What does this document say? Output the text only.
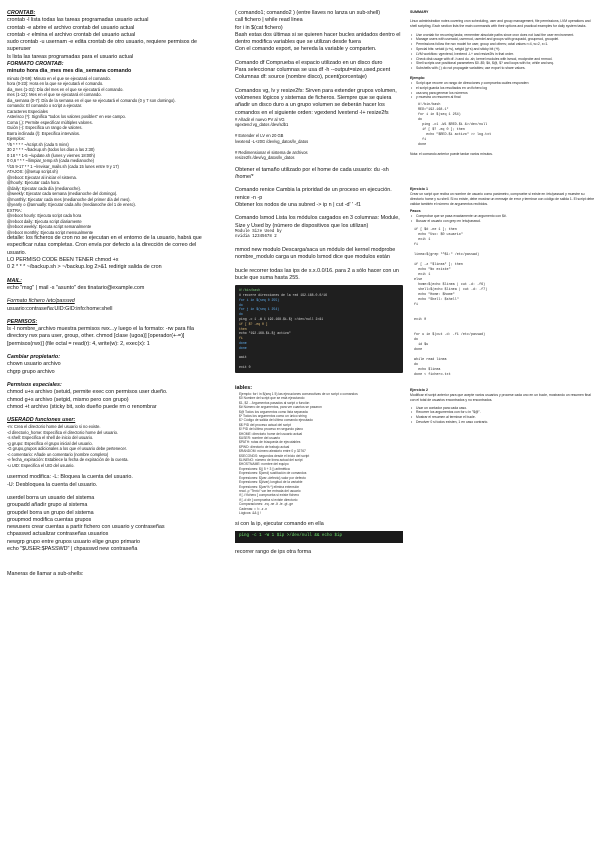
CRONTAB:
crontab -l lista todas las tareas programadas usuario actual
crontab -e abrire el archivo crontab del usuario actual
crontab -r elmina el archivo crontab del usuario actual
sudo crontab -u usernam -e edita crontab de otro usuario, requiere permisos de superuser
ls lista las tareas programadas para el usuario actual
FORMATO CRONTAB:
minuto hora dia_mes mes dia_semana comando
minuto (0-59): Minuto en el que se ejecutará el comando.
hora (0-23): Hora en la que se ejecutará el comando.
dia_mes (1-31): Día del mes en el que se ejecutará el comando.
mes (1-12): Mes en el que se ejecutará el comando.
dia_semana (0-7): Día de la semana en el que se ejecutará el comando (0 y 7 son domingo).
comando: El comando o script a ejecutar.
Caracteres Especiales
Asterisco (*): Significa "todos los valores posibles" en ese campo.
Coma (,): Permite especificar múltiples valores.
Guión (-): Especifica un rango de valores.
Barra inclinada (/): Especifica intervalos.
Ejemplos:
*/5 * * * * ~/script.sh (cada 5 mins)
30 2 * * * ~/backup.sh (todos los días a las 2:30)
0 18 * * 1-5 ~/update.sh (lunes y viernes 18:00h)
0 0,6 * * * ~/limpiar_temp.sh (cada medianoche)
*/15 9-17 * * 1 ~/revisar_mails.sh (cada 15 lunes entre 9 y 17)
ATAJOS: (@setup script.sh)
@reboot: Ejecutar al iniciar el sistema.
@hourly: Ejecutar cada hora.
@daily: Ejecutar cada día (medianoche).
@weekly: Ejecutar cada semana (medianoche del domingo).
@monthly: Ejecutar cada mes (medianoche del primer día del mes).
@yearly o @annually: Ejecutar cada año (medianoche del 1 de enero).
EXTRA:
@reboot hourly: Ejecuta script cada hora
@reboot daily: Ejecuta script diariamente
@reboot weekly: Ejecuta script semanalmente
@reboot monthly: Ejecuta script mensualmente
detalle: los ficheros de cron no se ejecutan en el entorno de la usuario, habrá que especificar rutas completas. Cron envía por defecto a la dirección de correo del usuario.
LO PERMISO CODE BEEN TENER chmod +x
0 2 * * * ~/backup.sh > ~/backup.log 2>&1 redirigir salida de cron
MAIL:
echo "msg" | mail -s "asunto" des tinatario@example.com
Formato fichero /etc/passwd
usuario:contraseña:UID:GID:info:home:shell
PERMISOS:
ls -l nombre_archivo muestra permisos rwx...y luego el la formato: -rw para fila directory rwx para user, group, other. chmod [clase (ugoa)] [operador(+-=)] [permisos(rwx)] (file octal = read(r): 4, write(w): 2, exec(x): 1
Cambiar propietario:
chown usuario archivo
chgrp grupo archivo
Permisos especiales:
chmod u+s archivo (setuid, permite exec con permisos user dueño.
chmod g+s archivo (setgid, mismo pero con grupo)
chmod +t archivo (sticky bit, solo dueño puede rm o renombrar
USERADD funciones user:
-m: Crea el directorio home del usuario si no existe.
-d directorio_home: Especifica el directorio home del usuario.
-s shell: Especifica el shell de inicio del usuario.
-g grupo: Especifica el grupo inicial del usuario.
-G grupo,grupos adicionales a los que el usuario debe pertenecer.
-c comentario: Añade un comentario (nombre completo)
-e fecha_expiración: Establece la fecha de expiración de la cuenta.
-u UID: Especifica el UID del usuario.
usermod modifica: -L: Bloquea la cuenta del usuario.
-U: Desbloquea la cuenta del usuario.
userdel borra un usuario del sistema
groupadd añadir grupo al sistema
groupdel borra un grupo del sistema
groupmod modifica cuentas grupos
newusers crear cuentas a partir fichero con usuario y contraseñas
chpasswd actualizar contraseñas usuarios
newgrp grupo entre grupos usuario elige grupo primario
echo "$USER:$PASSWD" | chpasswd new contraseña
Maneras de llamar a sub-shells:
( comando1; comando2 ) (entre llaves no lanza un sub-shell)
call fichero | while read linea
for i in $(cat fichero)
Bash estas dos últimas si se quieren hacer bucles anidados dentro el
dentro modifica variables que se utilizan desde fuera
Con el comando export, se hereda la variable y comparten.
Comando df Comprueba el espacio utilizado en un disco duro
Para seleccionar columnas se usa df -h --output=size,used,pcent Columnas df: source (nombre disco), pcent(porcentaje)
Comandos vg, lv y resize2fs: Sirven para extender grupos volumen, volúmenes lógicos y sistemas de ficheros. Siempre que se quiera añadir un disco duro a un grupo volumen se deberán hacer los comandos en el siguiente orden: vgextend lvextend -l+ resize2fs
# Añadir el nuevo PV al VG
vgextend vg_datos /dev/sdb1

# Extender el LV en 20 GB
lvextend -L+20G /dev/vg_datos/lv_datos

# Redimensionar el sistema de archivos
resize2fs /dev/vg_datos/lv_datos
Obtener el tamaño utilizado por el home de cada usuario: du -sh /home/*
Comando renice Cambia la prioridad de un proceso en ejecución. renice -n -p
Obtener los nodos de una subred -> ip n | cut -d' ' -f1
Comando lsmod Lista los módulos cargados en 3 columnas: Module, Size y Used by (número de dispositivos que los utilizan)
Module Size Used by
nvidia 12345678 2
mmod new modulo Descarga/saca un módulo del kernel modprobe nombre_modulo carga un modulo lsmod dice que modulos están
bucle recorrer todas las ips de x.x.0.0/16. para 2 a sólo hacer con un bucle que suma hasta 255.
#!/bin/bash
# recorre direcciones de la red 192.168.0.0/16
for i in $(seq 0 255)
do
for j in $(seq 1 254)
do
ping -c 1 -W 1 192.168.$i.$j >/dev/null 2>&1
if [ $? -eq 0 ]
then
echo "192.168.$i.$j activa"
fi
done
done

wait

exit 0
iables:
Ejemplo: for i in $(seq 1 5) las ejecuciones consecutivas de un script o comandos
$0 Nombre del script que se está ejecutando
$1, $2 .. Argumentos pasados al script o función
$# Número de argumentos, para ver cuantos se pasaron
$@ Todos los argumentos como lista separada
$* Todos los argumentos como un único string
$? Código de salida del último comando ejecutado
$$ PID del proceso actual del script
$! PID del último proceso en segundo plano
$HOME: directorio home del usuario actual
$USER: nombre del usuario
$PATH: rutas de búsqueda de ejecutables
$PWD: directorio de trabajo actual
$RANDOM: número aleatorio entre 0 y 32767
$SECONDS: segundos desde el inicio del script
$LINENO: número de línea actual del script
$HOSTNAME: nombre del equipo
Expresiones: $(( 5 + 3 )) aritmética
Expresiones: $(cmd) sustitución de comandos
Expresiones: ${var:-defecto} valor por defecto
Expresiones: ${#var} longitud de la variable
Expresiones: ${var%.*} elimina extensión
read -p "Texto" var lee entrada del usuario
if [ -f fichero ] comprueba si existe fichero
if [ -d dir ] comprueba si existe directorio
Comparaciones: -eq -ne -lt -le -gt -ge
Cadenas: = != -z -n
Lógicos: && || !
si con la ip, ejecutar comando en ella
ping -c 1 -W 1 $ip >/dev/null && echo $ip
recorrer rango de ips otra forma
SUMMARY
Linux administration notes covering cron scheduling, user and group management, file permissions, LVM operations and shell scripting. Each section lists the main commands with their options and practical examples for daily system tasks.
• Use crontab for recurring tasks; remember absolute paths since cron does not load the user environment.
• Manage users with useradd, usermod, userdel and groups with groupadd, groupmod, groupdel.
• Permissions follow the rwx model for user, group and others; octal values r=4, w=2, x=1.
• Special bits: setuid (u+s), setgid (g+s) and sticky bit (+t).
• LVM workflow: vgextend, lvextend -L+ and resize2fs in that order.
• Check disk usage with df -h and du -sh; kernel modules with lsmod, modprobe and rmmod.
• Shell scripts use positional parameters $0..$9, $#, $@, $? and loops with for, while and seq.
• Subshells with ( ) do not propagate variables; use export to share values.
Ejemplo:
• Script que recorre un rango de direcciones y comprueba cuáles responden:
• el script guarda los resultados en un fichero log
• usa seq para generar los números
• y muestra un resumen al final
#!/bin/bash
RED="192.168.1"
for i in $(seq 1 254)
do
ping -c1 -W1 $RED.$i &>/dev/null
if [ $? -eq 0 ]; then
echo "$RED.$i activo" >> log.txt
fi
done
Nota: el comando anterior puede tardar varios minutos.
Ejercicio 1
Crear un script que reciba un nombre de usuario como parámetro, compruebe si existe en /etc/passwd y muestre su directorio home y su shell. Si no existe, debe mostrar un mensaje de error y terminar con código de salida 1. El script debe validar también el número de argumentos recibidos.
Pasos
• Comprobar que se pasa exactamente un argumento con $#.
• Buscar el usuario con grep en /etc/passwd.
if [ $# -ne 1 ]; then
echo "Uso: $0 usuario"
exit 1
fi

linea=$(grep "^$1:" /etc/passwd)

if [ -z "$linea" ]; then
echo "No existe"
exit 1
else
home=$(echo $linea | cut -d: -f6)
shell=$(echo $linea | cut -d: -f7)
echo "Home: $home"
echo "Shell: $shell"
fi

exit 0
for u in $(cut -d: -f1 /etc/passwd)
do
id $u
done

while read linea
do
echo $linea
done < fichero.txt
Ejercicio 2
Modificar el script anterior para que acepte varios usuarios y procese cada uno en un bucle, mostrando un resumen final con el total de usuarios encontrados y no encontrados.
• Usar un contador para cada caso.
• Recorrer los argumentos con for u in "$@".
• Mostrar el resumen al terminar el bucle.
• Devolver 0 si todos existen, 1 en caso contrario.
